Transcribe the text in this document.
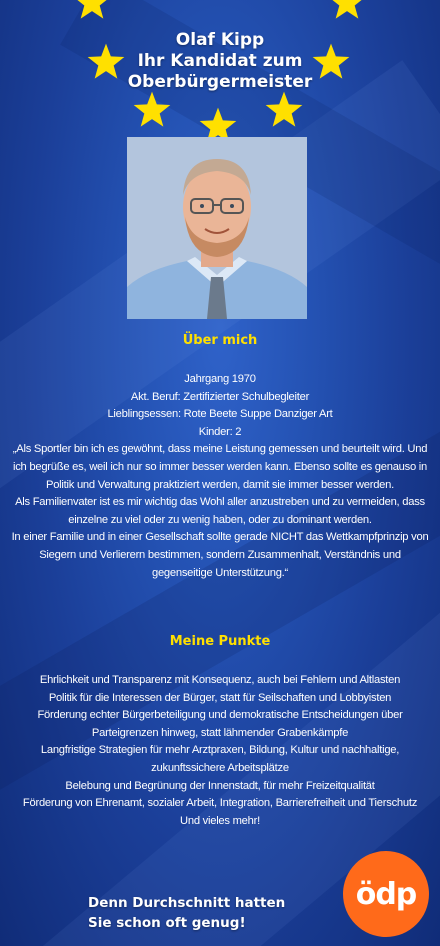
Olaf Kipp
Ihr Kandidat zum
Oberbürgermeister
Über mich

Jahrgang 1970

Akt. Beruf: Zertifizierter Schulbegleiter

Lieblingsessen: Rote Beete Suppe Danziger Art

Kinder: 2

„Als Sportler bin ich es gewöhnt, dass meine Leistung gemessen und beurteilt wird. Und ich begrüße es, weil ich nur so immer besser werden kann. Ebenso sollte es genauso in Politik und Verwaltung praktiziert werden, damit sie immer besser werden.

Als Familienvater ist es mir wichtig das Wohl aller anzustreben und zu vermeiden, dass einzelne zu viel oder zu wenig haben, oder zu dominant werden.

In einer Familie und in einer Gesellschaft sollte gerade NICHT das Wettkampfprinzip von Siegern und Verlierern bestimmen, sondern Zusammenhalt, Verständnis und gegenseitige Unterstützung.“

Meine Punkte

Ehrlichkeit und Transparenz mit Konsequenz, auch bei Fehlern und Altlasten

Politik für die Interessen der Bürger, statt für Seilschaften und Lobbyisten

Förderung echter Bürgerbeteiligung und demokratische Entscheidungen über Parteigrenzen hinweg, statt lähmender Grabenkämpfe

Langfristige Strategien für mehr Arztpraxen, Bildung, Kultur und nachhaltige, zukunftssichere Arbeitsplätze

Belebung und Begrünung der Innenstadt, für mehr Freizeitqualität

Förderung von Ehrenamt, sozialer Arbeit, Integration, Barrierefreiheit und Tierschutz

Und vieles mehr!

Denn Durchschnitt hatten
Sie schon oft genug!
ödp
